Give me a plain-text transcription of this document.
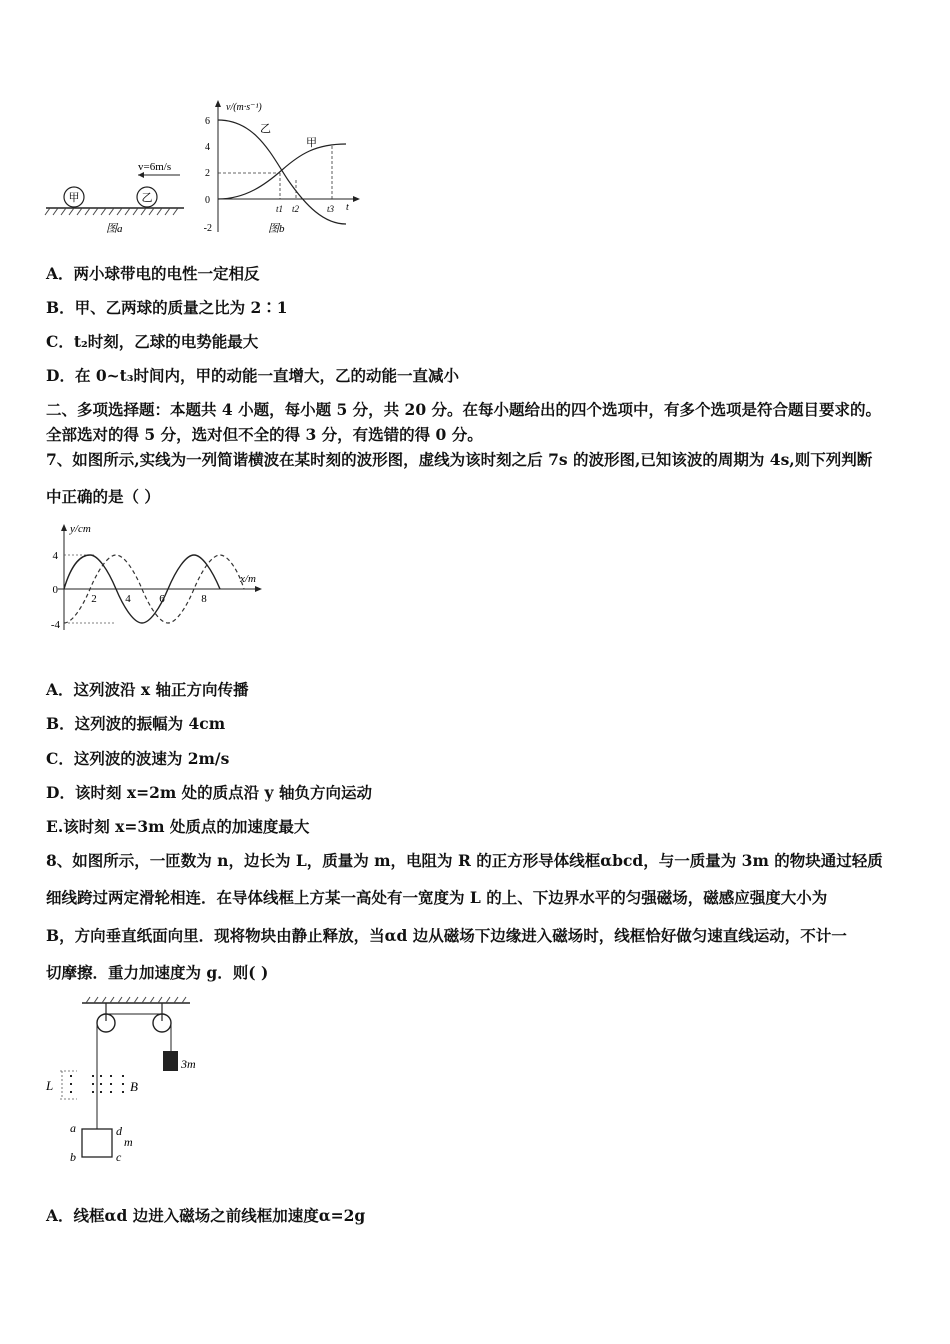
甲	乙
v=6m/s
图a
v/(m·s⁻¹)
6
4
2
0
-2
乙
甲
t1 t2	t3 t
图b
A．两小球带电的电性一定相反
B．甲、乙两球的质量之比为 2∶1
C．t₂时刻，乙球的电势能最大
D．在 0~t₃时间内，甲的动能一直增大，乙的动能一直减小
二、多项选择题：本题共 4 小题，每小题 5 分，共 20 分。在每小题给出的四个选项中，有多个选项是符合题目要求的。
全部选对的得 5 分，选对但不全的得 3 分，有选错的得 0 分。
7、如图所示,实线为一列简谐横波在某时刻的波形图，虚线为该时刻之后 7s 的波形图,已知该波的周期为 4s,则下列判断
中正确的是（ ）
y/cm
x/m
4
0
-4
2	4	6	8
A．这列波沿 x 轴正方向传播
B．这列波的振幅为 4cm
C．这列波的波速为 2m/s
D．该时刻 x=2m 处的质点沿 y 轴负方向运动
E.该时刻 x=3m 处质点的加速度最大
8、如图所示，一匝数为 n，边长为 L，质量为 m，电阻为 R 的正方形导体线框αbcd，与一质量为 3m 的物块通过轻质
细线跨过两定滑轮相连．在导体线框上方某一高处有一宽度为 L 的上、下边界水平的匀强磁场，磁感应强度大小为
B，方向垂直纸面向里．现将物块由静止释放，当αd 边从磁场下边缘进入磁场时，线框恰好做匀速直线运动，不计一
切摩擦．重力加速度为 g．则( )
3m
L	B
a
b	c
d
m
A．线框αd 边进入磁场之前线框加速度α=2g
